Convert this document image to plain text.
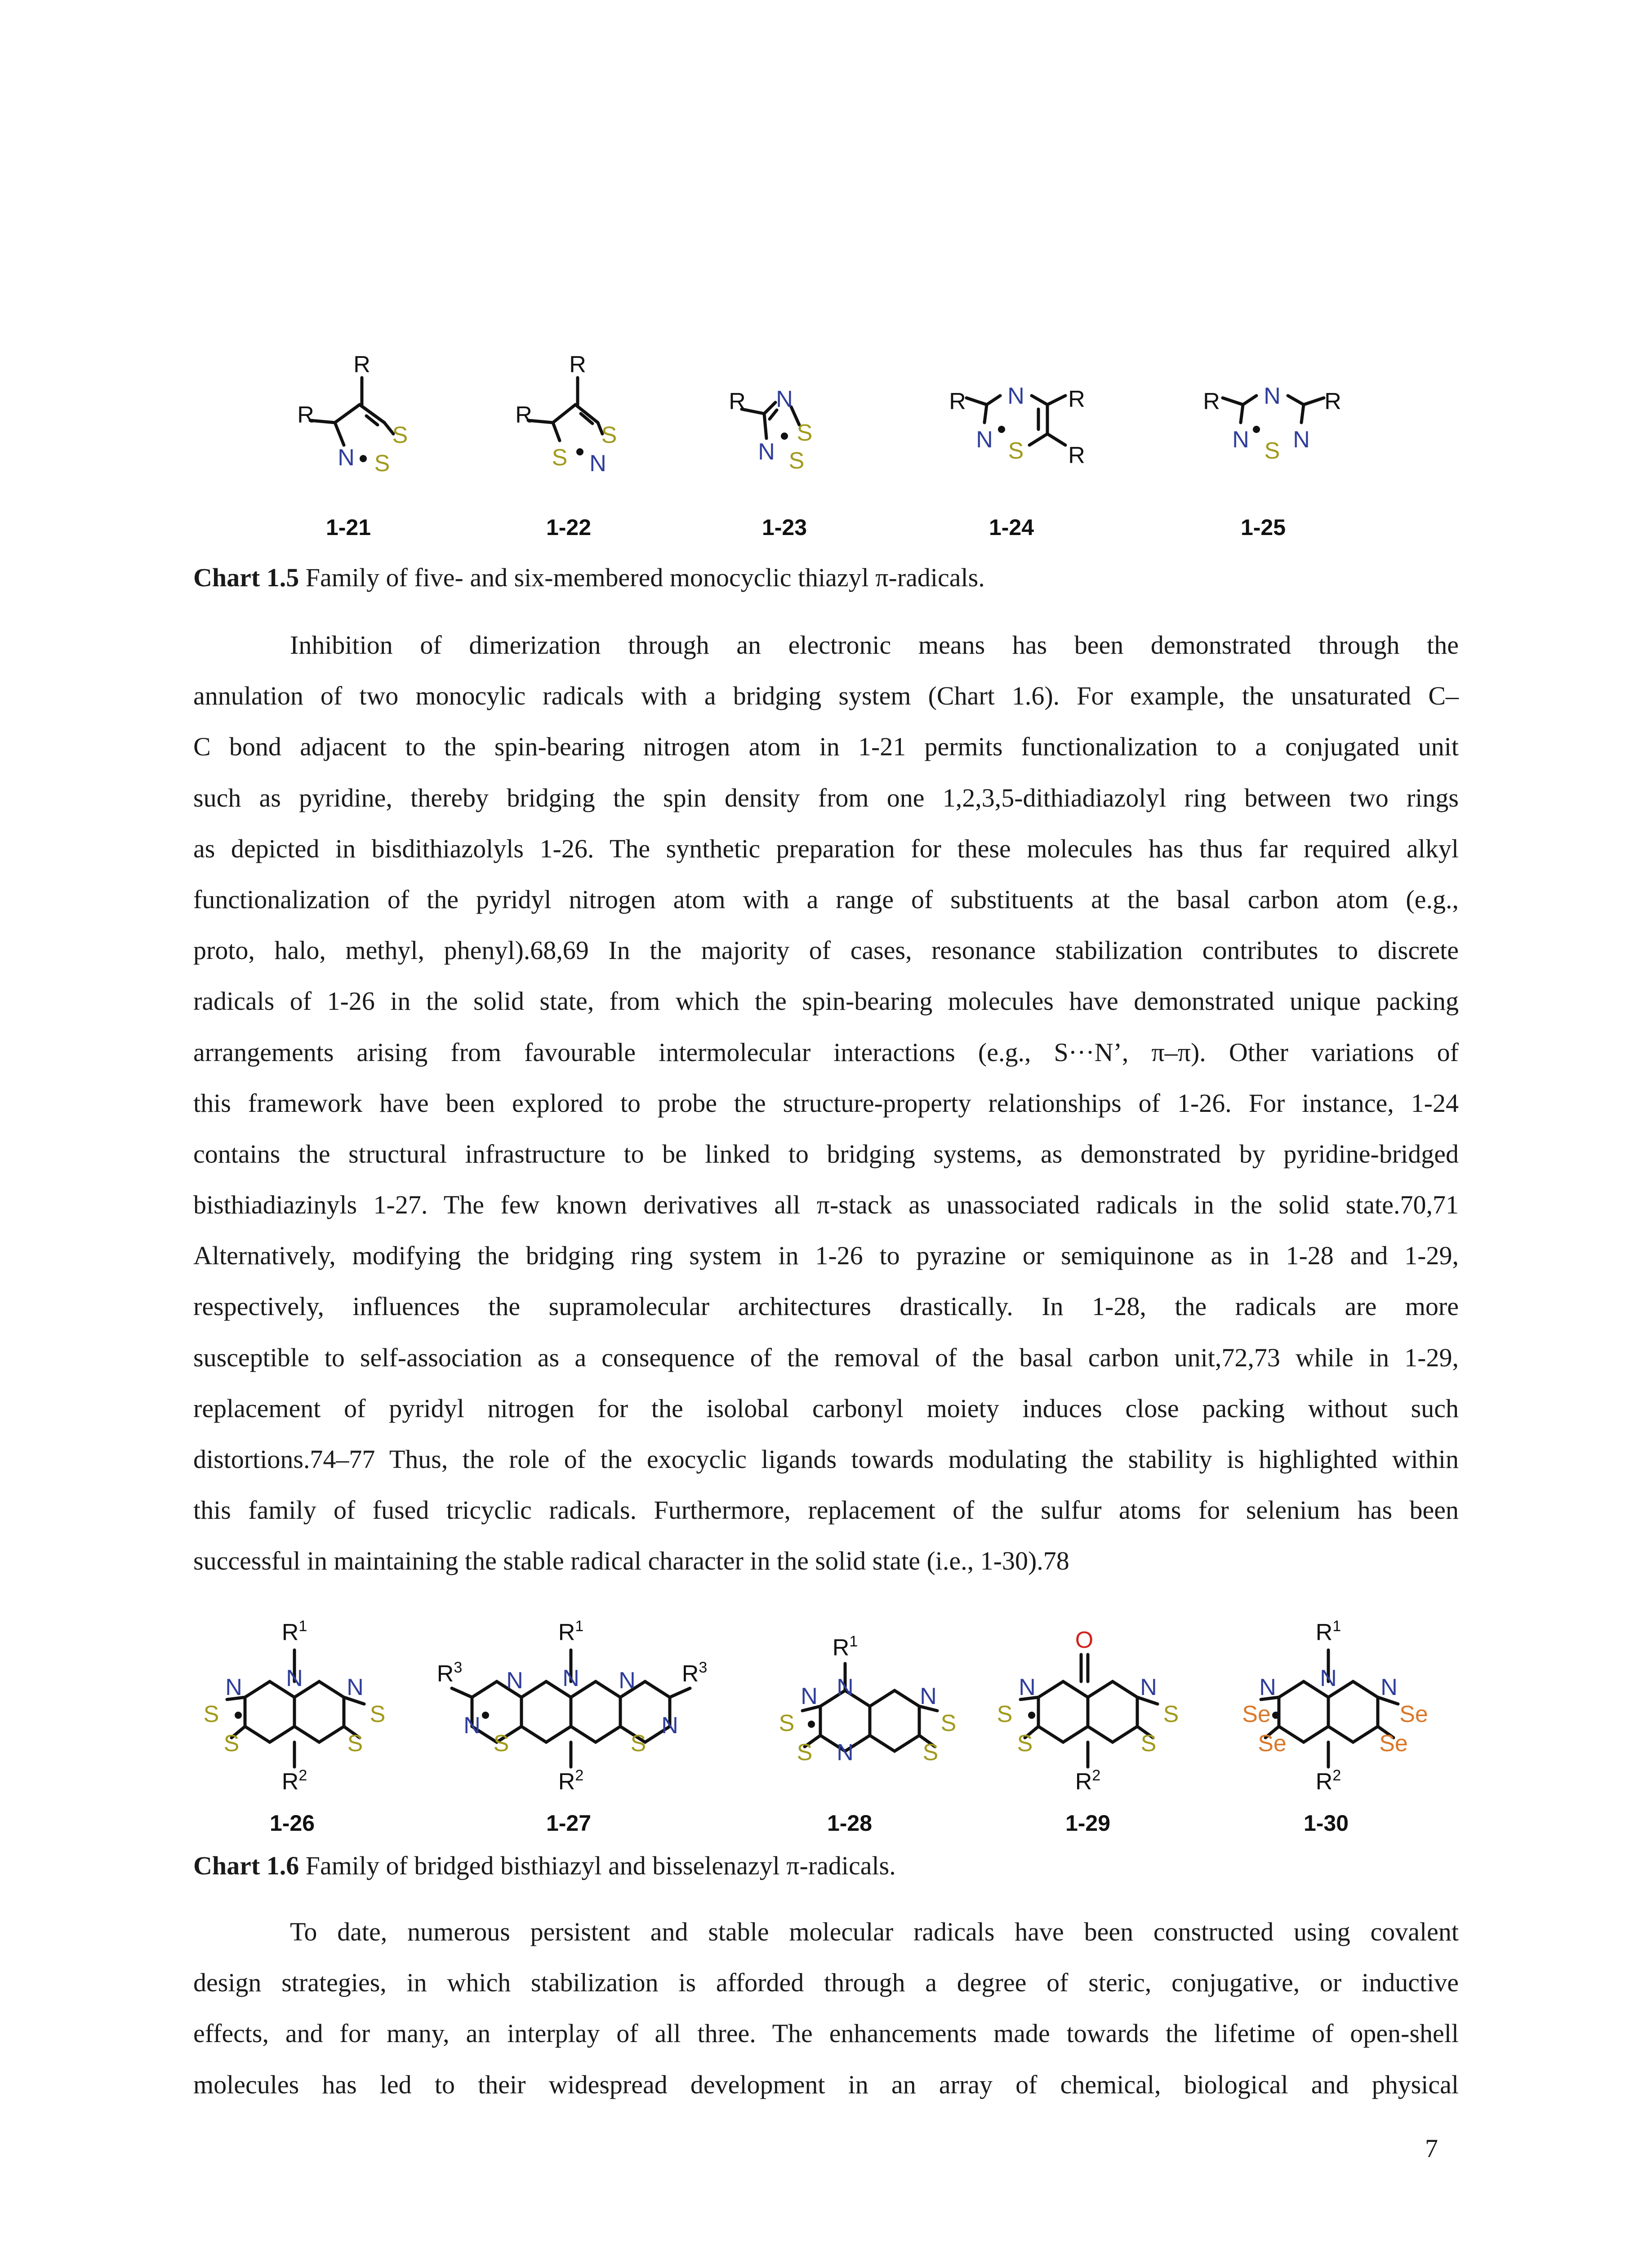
R
R
S
N S
R
R
S
S N
R N
S
N S
R N R
N S R
R N R
N N
S
1-21	1-22	1-23	1-24	1-25
Chart 1.5 Family of five- and six-membered monocyclic thiazyl π-radicals.
Inhibition of dimerization through an electronic means has been demonstrated through the
annulation of two monocylic radicals with a bridging system (Chart 1.6). For example, the unsaturated C–
C bond adjacent to the spin-bearing nitrogen atom in 1-21 permits functionalization to a conjugated unit
such as pyridine, thereby bridging the spin density from one 1,2,3,5-dithiadiazolyl ring between two rings
as depicted in bisdithiazolyls 1-26. The synthetic preparation for these molecules has thus far required alkyl
functionalization of the pyridyl nitrogen atom with a range of substituents at the basal carbon atom (e.g.,
proto, halo, methyl, phenyl).68,69 In the majority of cases, resonance stabilization contributes to discrete
radicals of 1-26 in the solid state, from which the spin-bearing molecules have demonstrated unique packing
arrangements arising from favourable intermolecular interactions (e.g., S···N’, π–π). Other variations of
this framework have been explored to probe the structure-property relationships of 1-26. For instance, 1-24
contains the structural infrastructure to be linked to bridging systems, as demonstrated by pyridine-bridged
bisthiadiazinyls 1-27. The few known derivatives all π-stack as unassociated radicals in the solid state.70,71
Alternatively, modifying the bridging ring system in 1-26 to pyrazine or semiquinone as in 1-28 and 1-29,
respectively, influences the supramolecular architectures drastically. In 1-28, the radicals are more
susceptible to self-association as a consequence of the removal of the basal carbon unit,72,73 while in 1-29,
replacement of pyridyl nitrogen for the isolobal carbonyl moiety induces close packing without such
distortions.74–77 Thus, the role of the exocyclic ligands towards modulating the stability is highlighted within
this family of fused tricyclic radicals. Furthermore, replacement of the sulfur atoms for selenium has been
successful in maintaining the stable radical character in the solid state (i.e., 1-30).78
$R^1$
N
N
S
S
N
S
S
$R^2$
$R^1$
$R^3$	$R^3$
N
N	N
N	N
S	S
$R^2$
$R^1$
N
N
N
S
S
N
S
S
O
N
S
S
N
S
S
$R^2$
$R^1$
N
N
Se
Se
N
Se
Se
$R^2$
1-26	1-27	1-28	1-29	1-30
Chart 1.6 Family of bridged bisthiazyl and bisselenazyl π-radicals.
To date, numerous persistent and stable molecular radicals have been constructed using covalent
design strategies, in which stabilization is afforded through a degree of steric, conjugative, or inductive
effects, and for many, an interplay of all three. The enhancements made towards the lifetime of open-shell
molecules has led to their widespread development in an array of chemical, biological and physical
7
